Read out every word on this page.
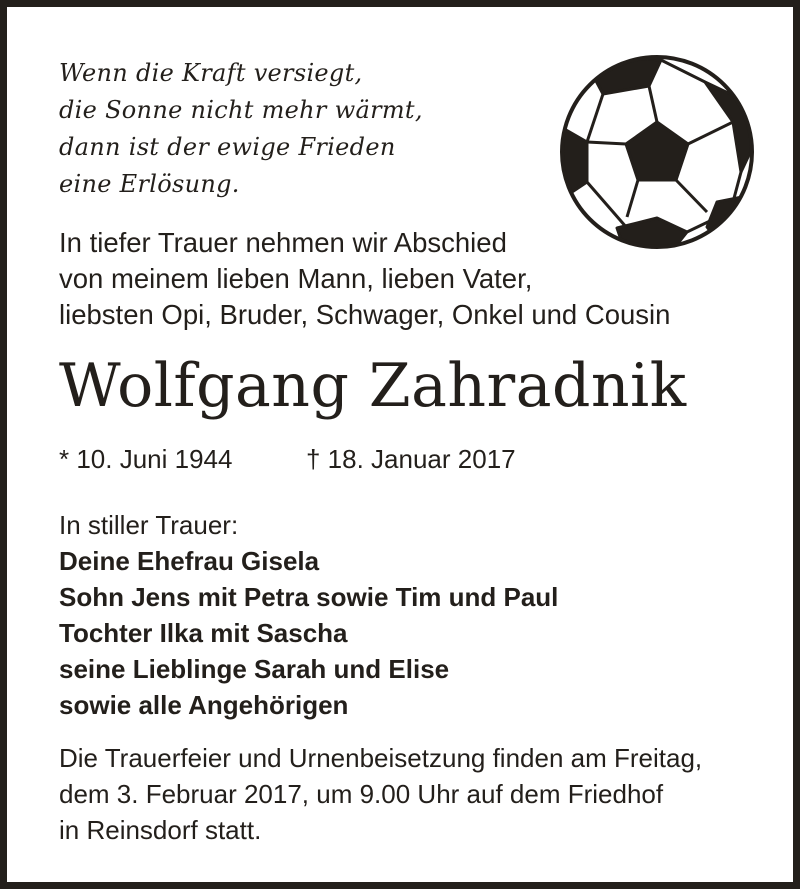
Wenn die Kraft versiegt,
die Sonne nicht mehr wärmt,
dann ist der ewige Frieden
eine Erlösung.
In tiefer Trauer nehmen wir Abschied
von meinem lieben Mann, lieben Vater,
liebsten Opi, Bruder, Schwager, Onkel und Cousin
Wolfgang Zahradnik
* 10. Juni 1944	† 18. Januar 2017
In stiller Trauer:
Deine Ehefrau Gisela
Sohn Jens mit Petra sowie Tim und Paul
Tochter Ilka mit Sascha
seine Lieblinge Sarah und Elise
sowie alle Angehörigen
Die Trauerfeier und Urnenbeisetzung finden am Freitag,
dem 3. Februar 2017, um 9.00 Uhr auf dem Friedhof
in Reinsdorf statt.
